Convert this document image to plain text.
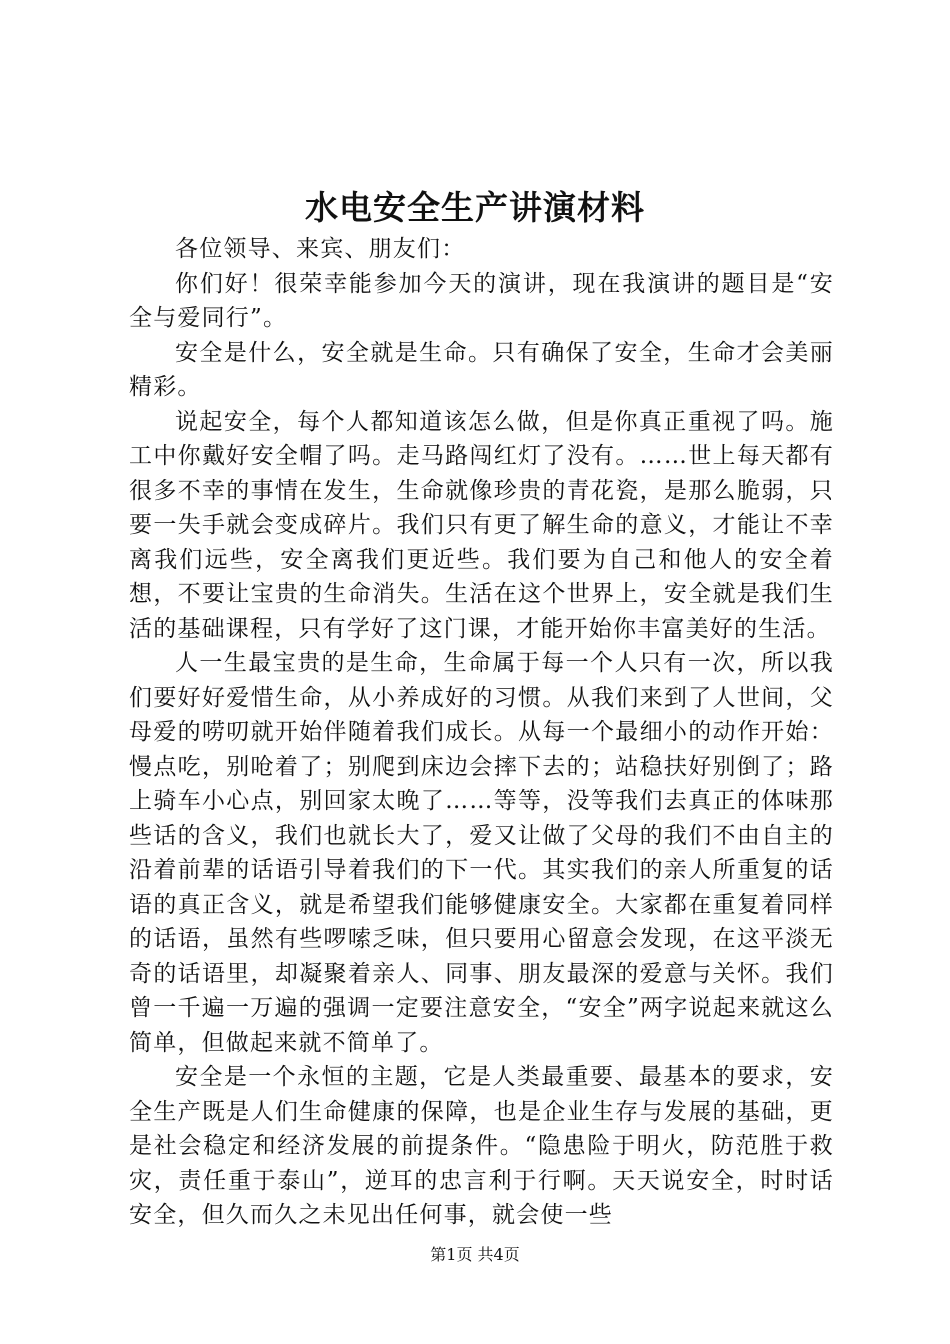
水电安全生产讲演材料

各位领导、来宾、朋友们：

你们好！很荣幸能参加今天的演讲，现在我演讲的题目是“安全与爱同行”。

安全是什么，安全就是生命。只有确保了安全，生命才会美丽精彩。

说起安全，每个人都知道该怎么做，但是你真正重视了吗。施工中你戴好安全帽了吗。走马路闯红灯了没有。……世上每天都有很多不幸的事情在发生，生命就像珍贵的青花瓷，是那么脆弱，只要一失手就会变成碎片。我们只有更了解生命的意义，才能让不幸离我们远些，安全离我们更近些。我们要为自己和他人的安全着想，不要让宝贵的生命消失。生活在这个世界上，安全就是我们生活的基础课程，只有学好了这门课，才能开始你丰富美好的生活。

人一生最宝贵的是生命，生命属于每一个人只有一次，所以我们要好好爱惜生命，从小养成好的习惯。从我们来到了人世间，父母爱的唠叨就开始伴随着我们成长。从每一个最细小的动作开始：慢点吃，别呛着了；别爬到床边会摔下去的；站稳扶好别倒了；路上骑车小心点，别回家太晚了……等等，没等我们去真正的体味那些话的含义，我们也就长大了，爱又让做了父母的我们不由自主的沿着前辈的话语引导着我们的下一代。其实我们的亲人所重复的话语的真正含义，就是希望我们能够健康安全。大家都在重复着同样的话语，虽然有些啰嗦乏味，但只要用心留意会发现，在这平淡无奇的话语里，却凝聚着亲人、同事、朋友最深的爱意与关怀。我们曾一千遍一万遍的强调一定要注意安全，“安全”两字说起来就这么简单，但做起来就不简单了。

安全是一个永恒的主题，它是人类最重要、最基本的要求，安全生产既是人们生命健康的保障，也是企业生存与发展的基础，更是社会稳定和经济发展的前提条件。“隐患险于明火，防范胜于救灾，责任重于泰山”，逆耳的忠言利于行啊。天天说安全，时时话安全，但久而久之未见出任何事，就会使一些

第1页 共4页
